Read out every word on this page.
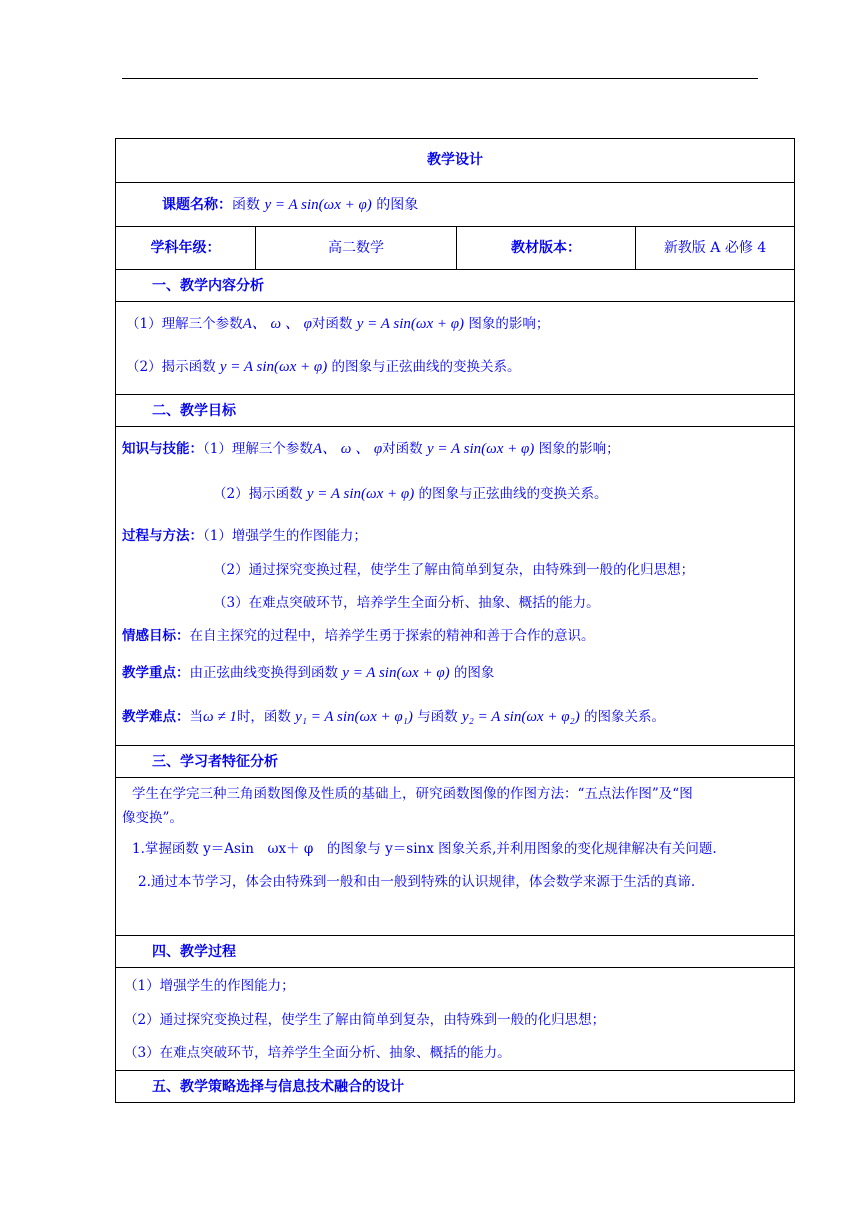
教学设计
课题名称：函数 y = A sin(ωx + φ) 的图象
学科年级：	高二数学	教材版本：	新教版 A 必修 4
一、教学内容分析
（1）理解三个参数A、 ω 、 φ对函数 y = A sin(ωx + φ) 图象的影响；
（2）揭示函数 y = A sin(ωx + φ) 的图象与正弦曲线的变换关系。
二、教学目标
知识与技能：（1）理解三个参数A、 ω 、 φ对函数 y = A sin(ωx + φ) 图象的影响；
（2）揭示函数 y = A sin(ωx + φ) 的图象与正弦曲线的变换关系。
过程与方法：（1）增强学生的作图能力；
（2）通过探究变换过程，使学生了解由简单到复杂，由特殊到一般的化归思想；
（3）在难点突破环节，培养学生全面分析、抽象、概括的能力。
情感目标：在自主探究的过程中，培养学生勇于探索的精神和善于合作的意识。
教学重点：由正弦曲线变换得到函数 y = A sin(ωx + φ) 的图象
教学难点：当ω ≠ 1时，函数 y₁ = A sin(ωx + φ₁) 与函数 y₂ = A sin(ωx + φ₂) 的图象关系。
三、学习者特征分析
学生在学完三种三角函数图像及性质的基础上，研究函数图像的作图方法：“五点法作图”及“图
像变换”。
1.掌握函数 y＝Asin　ωx＋ φ　的图象与 y＝sinx 图象关系,并利用图象的变化规律解决有关问题.
2.通过本节学习，体会由特殊到一般和由一般到特殊的认识规律，体会数学来源于生活的真谛.
四、教学过程
（1）增强学生的作图能力；
（2）通过探究变换过程，使学生了解由简单到复杂，由特殊到一般的化归思想；
（3）在难点突破环节，培养学生全面分析、抽象、概括的能力。
五、教学策略选择与信息技术融合的设计
